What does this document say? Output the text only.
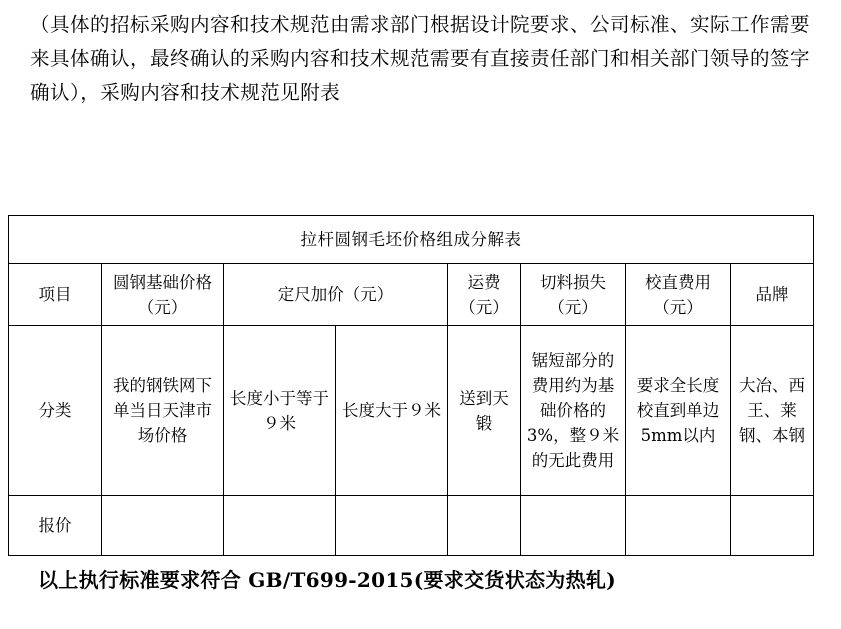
（具体的招标采购内容和技术规范由需求部门根据设计院要求、公司标准、实际工作需要来具体确认，最终确认的采购内容和技术规范需要有直接责任部门和相关部门领导的签字确认），采购内容和技术规范见附表

拉杆圆钢毛坯价格组成分解表							
项目	圆钢基础价格（元）	定尺加价（元）		运费（元）	切料损失（元）	校直费用（元）	品牌
分类	我的钢铁网下单当日天津市场价格	长度小于等于９米	长度大于９米	送到天锻	锯短部分的费用约为基础价格的3%，整９米的无此费用	要求全长度校直到单边5mm以内	大冶、西王、莱钢、本钢
报价							
以上执行标准要求符合 GB/T699-2015(要求交货状态为热轧)
